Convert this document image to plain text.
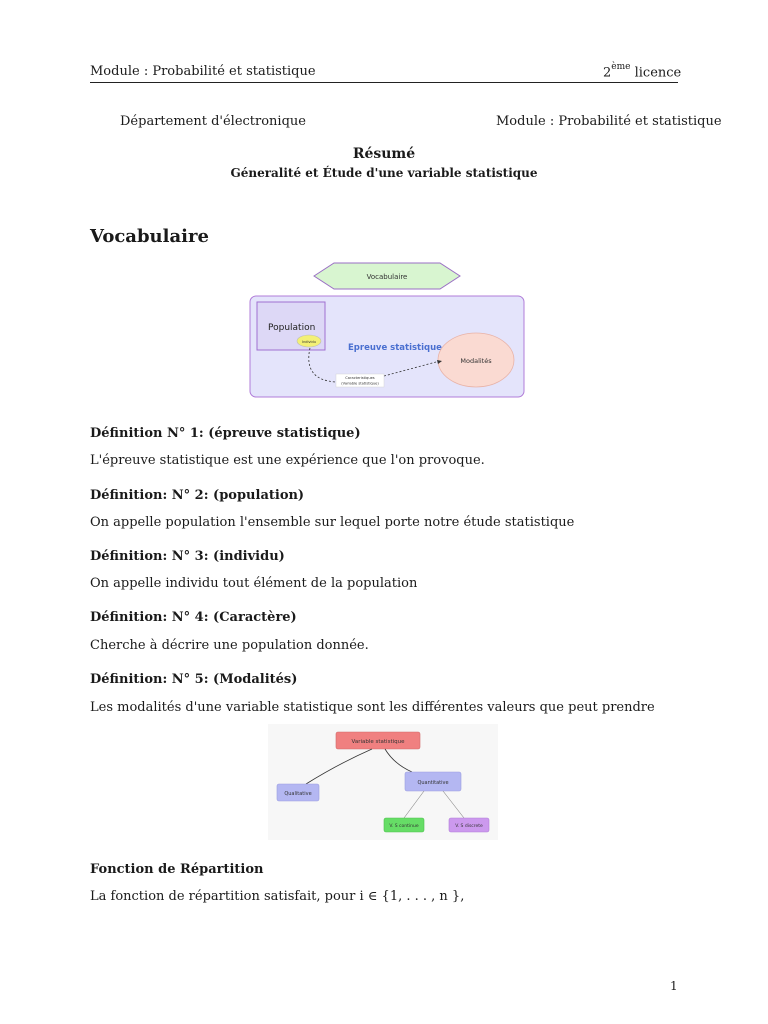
Module : Probabilité et statistique	2ème licence
Département d'électronique	Module : Probabilité et statistique
Résumé
Géneralité et Étude d'une variable statistique
Vocabulaire
Vocabulaire
Population
Individu
Epreuve statistique
Modalités
Caracteristiques
(Variable statistique)
Définition N° 1: (épreuve statistique)
L'épreuve statistique est une expérience que l'on provoque.
Définition: N° 2: (population)
On appelle population l'ensemble sur lequel porte notre étude statistique
Définition: N° 3: (individu)
On appelle individu tout élément de la population
Définition: N° 4: (Caractère)
Cherche à décrire une population donnée.
Définition: N° 5: (Modalités)
Les modalités d'une variable statistique sont les différentes valeurs que peut prendre
Variable statistique
Qualitative
Quantitative
V. S continue	V. S discrete
Fonction de Répartition
La fonction de répartition satisfait, pour i ∈ {1, . . . , n },
1
